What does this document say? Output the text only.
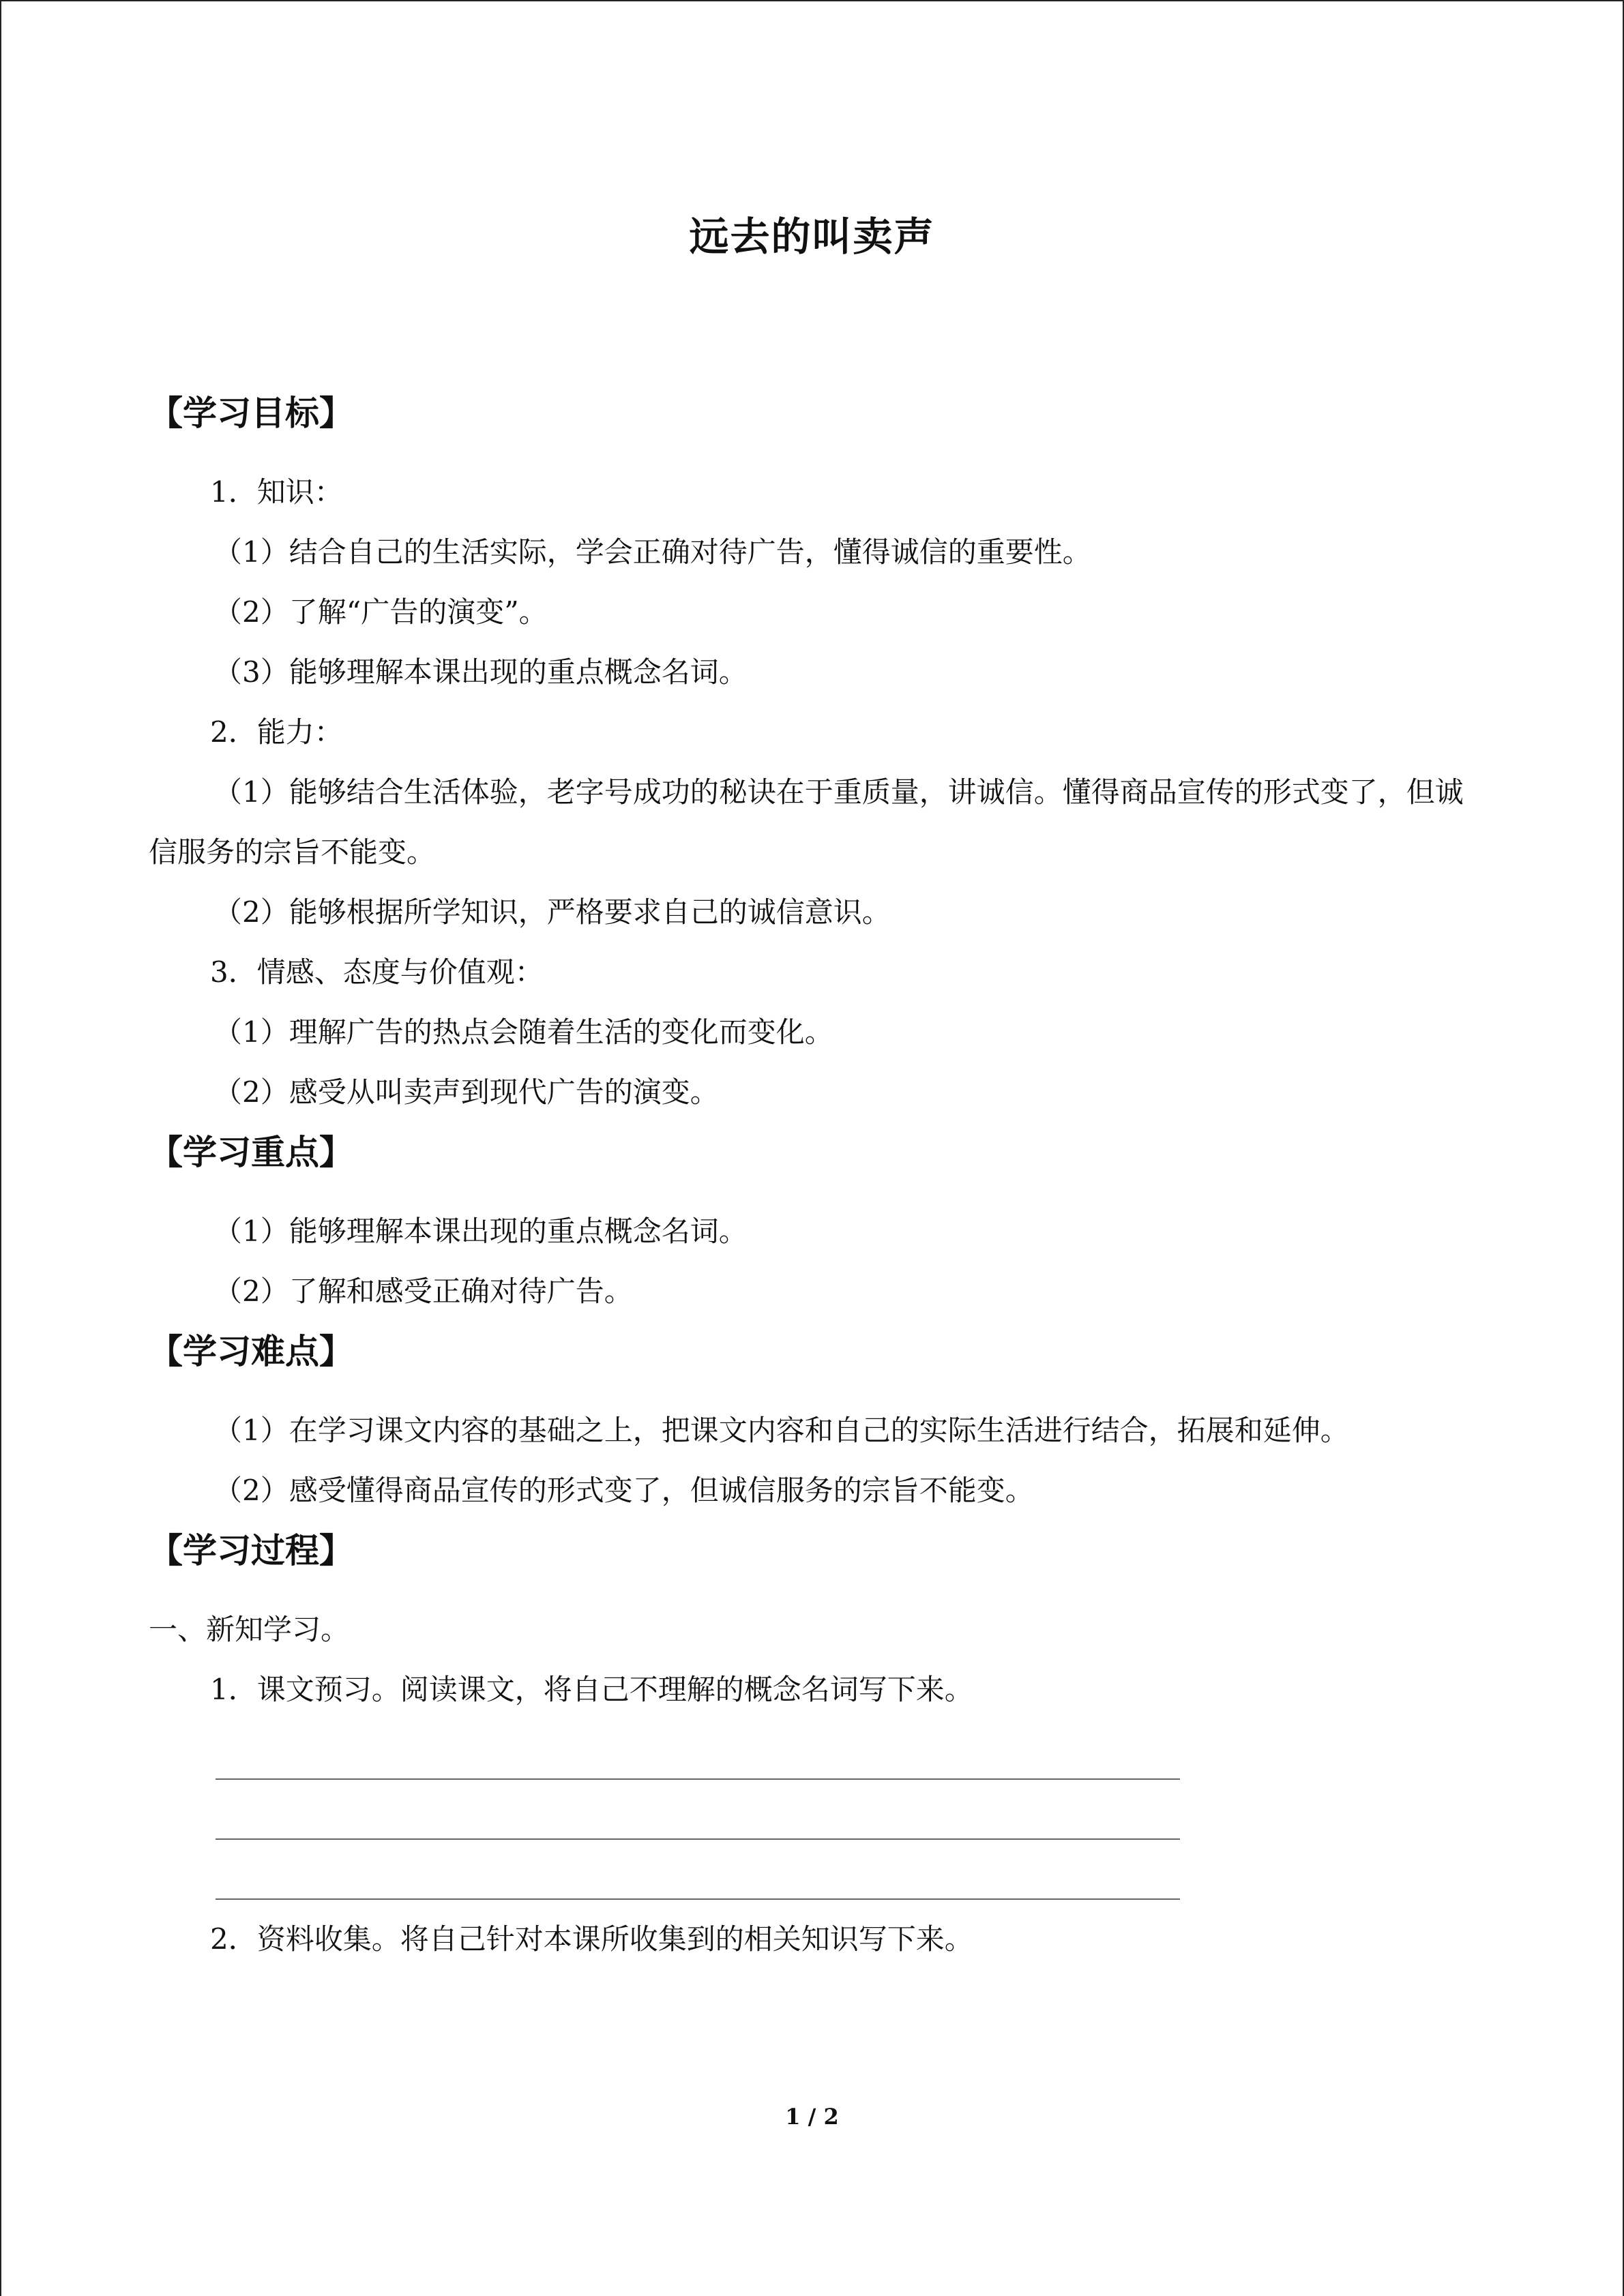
远去的叫卖声
【学习目标】

1．知识：

（1）结合自己的生活实际，学会正确对待广告，懂得诚信的重要性。

（2）了解“广告的演变”。

（3）能够理解本课出现的重点概念名词。

2．能力：

（1）能够结合生活体验，老字号成功的秘诀在于重质量，讲诚信。懂得商品宣传的形式变了，但诚信服务的宗旨不能变。

（2）能够根据所学知识，严格要求自己的诚信意识。

3．情感、态度与价值观：

（1）理解广告的热点会随着生活的变化而变化。

（2）感受从叫卖声到现代广告的演变。

【学习重点】

（1）能够理解本课出现的重点概念名词。

（2）了解和感受正确对待广告。

【学习难点】

（1）在学习课文内容的基础之上，把课文内容和自己的实际生活进行结合，拓展和延伸。

（2）感受懂得商品宣传的形式变了，但诚信服务的宗旨不能变。

【学习过程】

一、新知学习。

1．课文预习。阅读课文，将自己不理解的概念名词写下来。

2．资料收集。将自己针对本课所收集到的相关知识写下来。

1 / 2
